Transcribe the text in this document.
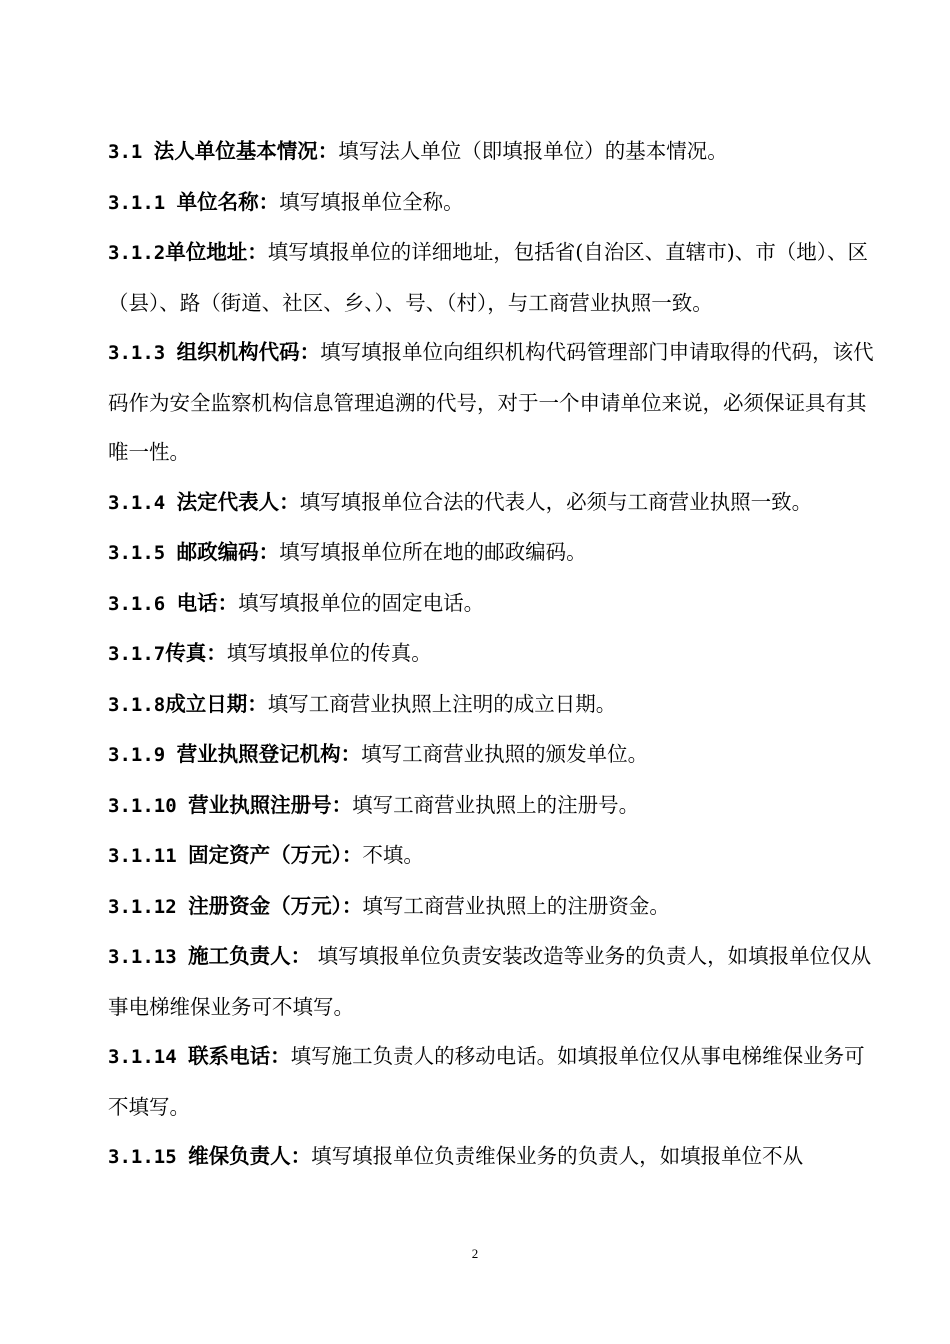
3.1 法人单位基本情况：填写法人单位（即填报单位）的基本情况。

3.1.1 单位名称：填写填报单位全称。

3.1.2单位地址：填写填报单位的详细地址，包括省(自治区、直辖市)、市（地）、区（县）、路（街道、社区、乡、）、号、（村），与工商营业执照一致。

3.1.3 组织机构代码：填写填报单位向组织机构代码管理部门申请取得的代码，该代码作为安全监察机构信息管理追溯的代号，对于一个申请单位来说，必须保证具有其唯一性。

3.1.4 法定代表人：填写填报单位合法的代表人，必须与工商营业执照一致。

3.1.5 邮政编码：填写填报单位所在地的邮政编码。

3.1.6 电话：填写填报单位的固定电话。

3.1.7传真：填写填报单位的传真。

3.1.8成立日期：填写工商营业执照上注明的成立日期。

3.1.9 营业执照登记机构：填写工商营业执照的颁发单位。

3.1.10 营业执照注册号：填写工商营业执照上的注册号。

3.1.11 固定资产（万元）：不填。

3.1.12 注册资金（万元）：填写工商营业执照上的注册资金。

3.1.13 施工负责人： 填写填报单位负责安装改造等业务的负责人，如填报单位仅从事电梯维保业务可不填写。

3.1.14 联系电话：填写施工负责人的移动电话。如填报单位仅从事电梯维保业务可不填写。

3.1.15 维保负责人：填写填报单位负责维保业务的负责人，如填报单位不从

2
